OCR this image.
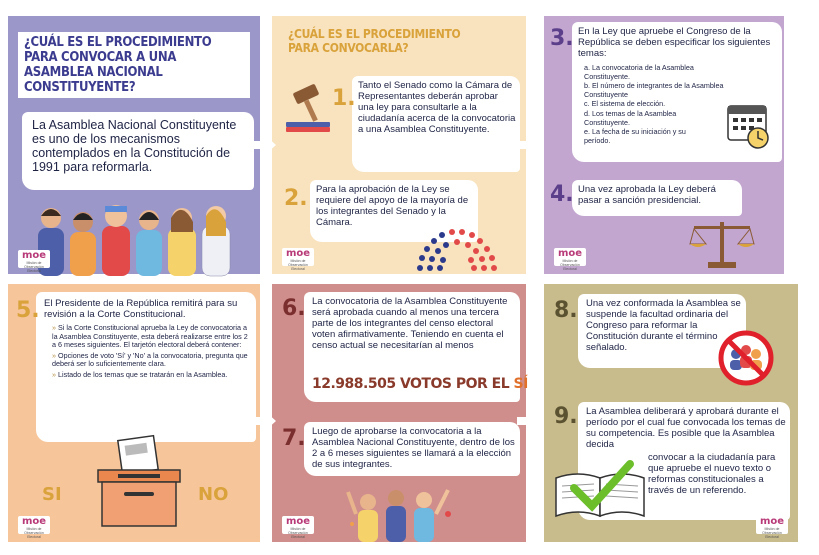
¿CUÁL ES EL PROCEDIMIENTO PARA CONVOCAR A UNA ASAMBLEA NACIONAL CONSTITUYENTE?
La Asamblea Nacional Constituyente es uno de los mecanismos contemplados en la Constitución de 1991 para reformarla.
moe
Misión de Observación Electoral
¿CUÁL ES EL PROCEDIMIENTO PARA CONVOCARLA?
1.
Tanto el Senado como la Cámara de Representantes deberán aprobar una ley para consultarle a la ciudadanía acerca de la convocatoria a una Asamblea Constituyente.
2. Para la aprobación de la Ley se requiere del apoyo de la mayoría de los integrantes del Senado y la Cámara.
moe
Misión de Observación Electoral
3. En la Ley que apruebe el Congreso de la República se deben especificar los siguientes temas:
a. La convocatoria de la Asamblea Constituyente.
b. El número de integrantes de la Asamblea Constituyente
c. El sistema de elección.
d. Los temas de la Asamblea Constituyente.
e. La fecha de su iniciación y su período.
4. Una vez aprobada la Ley deberá pasar a sanción presidencial.
moe
Misión de Observación Electoral
5. El Presidente de la República remitirá para su revisión a la Corte Constitucional.
» Si la Corte Constitucional aprueba la Ley de convocatoria a la Asamblea Constituyente, esta deberá realizarse entre los 2 a 6 meses siguientes. El tarjetón electoral deberá contener:
» Opciones de voto 'Sí' y 'No' a la convocatoria, pregunta que deberá ser lo suficientemente clara.
» Listado de los temas que se tratarán en la Asamblea.
SI	NO
moe
Misión de Observación Electoral
6. La convocatoria de la Asamblea Constituyente será aprobada cuando al menos una tercera parte de los integrantes del censo electoral voten afirmativamente. Teniendo en cuenta el censo actual se necesitarían al menos
12.988.505 VOTOS POR EL SÍ
7. Luego de aprobarse la convocatoria a la Asamblea Nacional Constituyente, dentro de los 2 a 6 meses siguientes se llamará a la elección de sus integrantes.
moe
Misión de Observación Electoral
8. Una vez conformada la Asamblea se suspende la facultad ordinaria del Congreso para reformar la Constitución durante el término señalado.
9. La Asamblea deliberará y aprobará durante el período por el cual fue convocada los temas de su competencia. Es posible que la Asamblea decida
convocar a la ciudadanía para que apruebe el nuevo texto o reformas constitucionales a través de un referendo.
moe
Misión de Observación Electoral
